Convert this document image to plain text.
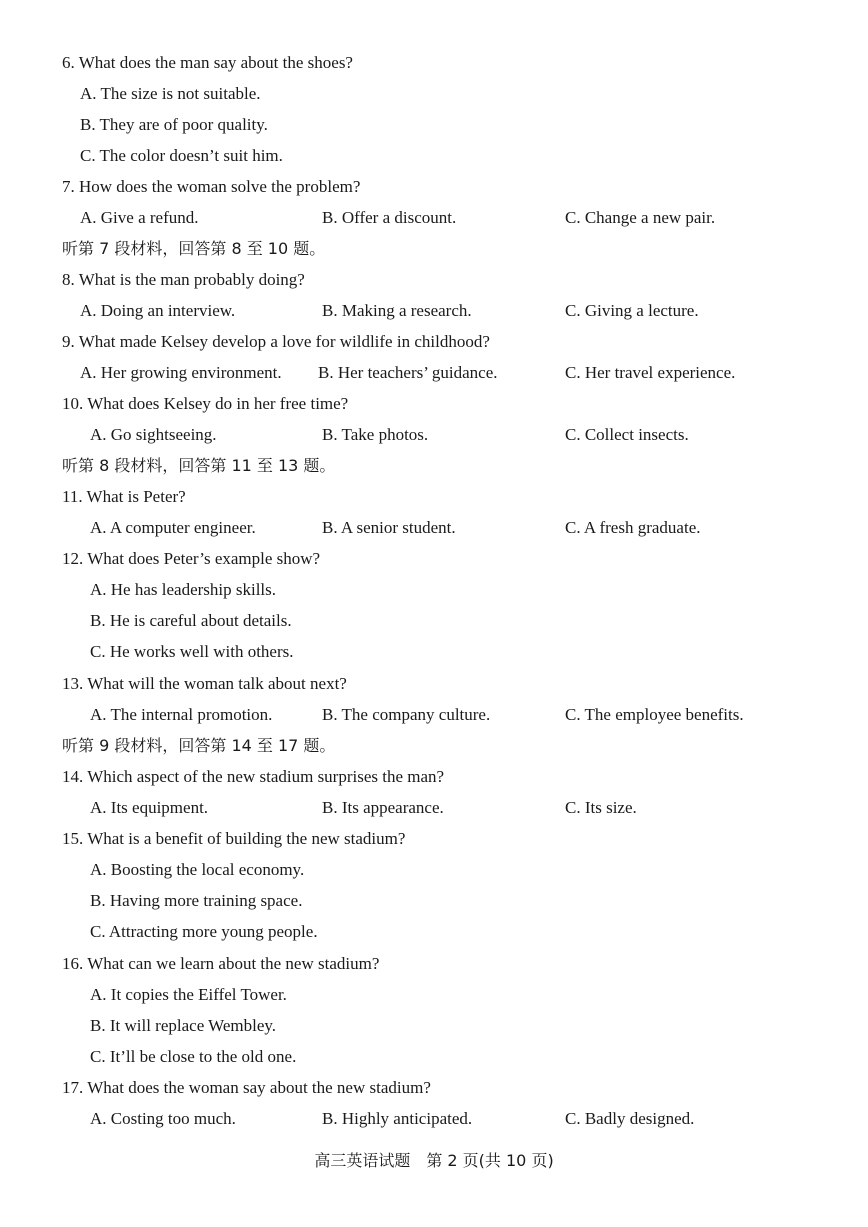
6. What does the man say about the shoes?
A. The size is not suitable.
B. They are of poor quality.
C. The color doesn’t suit him.
7. How does the woman solve the problem?
A. Give a refund.	B. Offer a discount.	C. Change a new pair.
听第 7 段材料，回答第 8 至 10 题。
8. What is the man probably doing?
A. Doing an interview.	B. Making a research.	C. Giving a lecture.
9. What made Kelsey develop a love for wildlife in childhood?
A. Her growing environment. B. Her teachers’ guidance.	C. Her travel experience.
10. What does Kelsey do in her free time?
A. Go sightseeing.	B. Take photos.	C. Collect insects.
听第 8 段材料，回答第 11 至 13 题。
11. What is Peter?
A. A computer engineer.	B. A senior student.	C. A fresh graduate.
12. What does Peter’s example show?
A. He has leadership skills.
B. He is careful about details.
C. He works well with others.
13. What will the woman talk about next?
A. The internal promotion.	B. The company culture.	C. The employee benefits.
听第 9 段材料，回答第 14 至 17 题。
14. Which aspect of the new stadium surprises the man?
A. Its equipment.	B. Its appearance.	C. Its size.
15. What is a benefit of building the new stadium?
A. Boosting the local economy.
B. Having more training space.
C. Attracting more young people.
16. What can we learn about the new stadium?
A. It copies the Eiffel Tower.
B. It will replace Wembley.
C. It’ll be close to the old one.
17. What does the woman say about the new stadium?
A. Costing too much.	B. Highly anticipated.	C. Badly designed.
高三英语试题　第 2 页(共 10 页)
